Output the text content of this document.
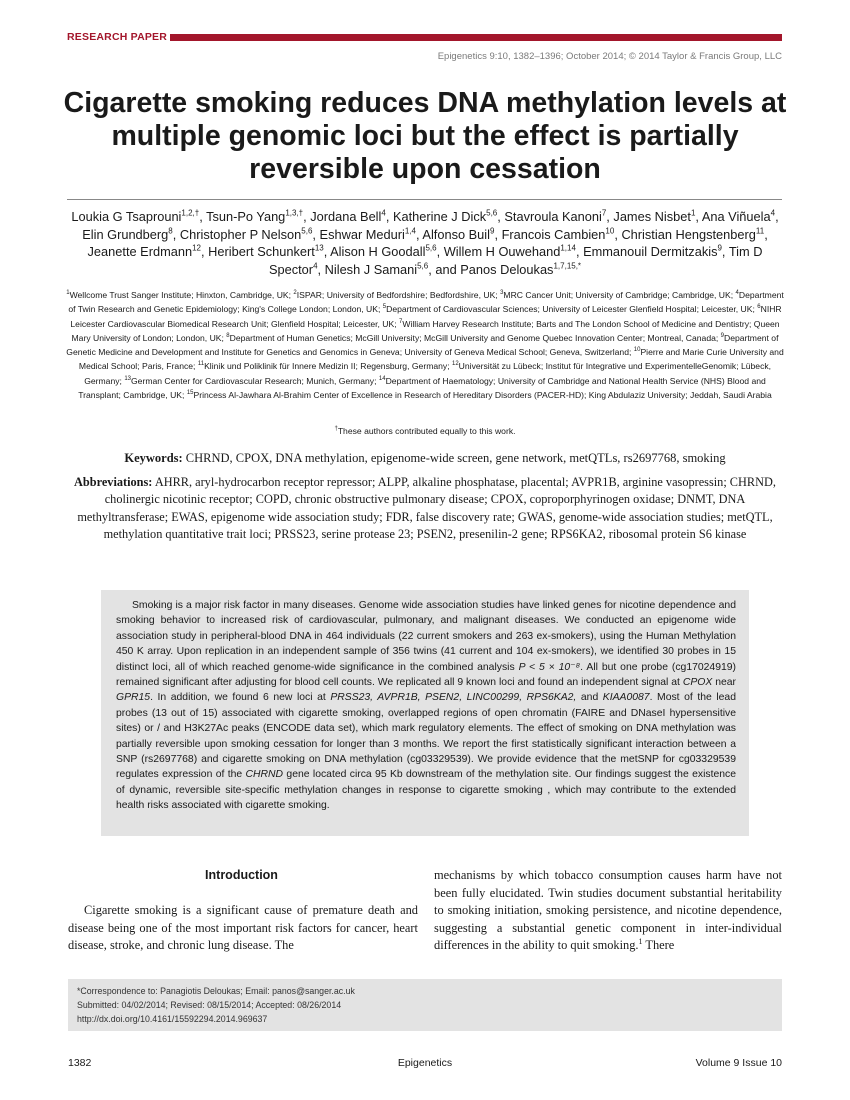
RESEARCH PAPER
Epigenetics 9:10, 1382–1396; October 2014; © 2014 Taylor & Francis Group, LLC
Cigarette smoking reduces DNA methylation levels at multiple genomic loci but the effect is partially reversible upon cessation
Loukia G Tsaprouni$^{1,2,\dagger}$, Tsun-Po Yang$^{1,3,\dagger}$, Jordana Bell$^4$, Katherine J Dick$^{5,6}$, Stavroula Kanoni$^7$, James Nisbet$^1$, Ana Viñuela$^4$, Elin Grundberg$^8$, Christopher P Nelson$^{5,6}$, Eshwar Meduri$^{1,4}$, Alfonso Buil$^9$, Francois Cambien$^{10}$, Christian Hengstenberg$^{11}$, Jeanette Erdmann$^{12}$, Heribert Schunkert$^{13}$, Alison H Goodall$^{5,6}$, Willem H Ouwehand$^{1,14}$, Emmanouil Dermitzakis$^9$, Tim D Spector$^4$, Nilesh J Samani$^{5,6}$, and Panos Deloukas$^{1,7,15,*}$
$^1$Wellcome Trust Sanger Institute; Hinxton, Cambridge, UK; $^2$ISPAR; University of Bedfordshire; Bedfordshire, UK; $^3$MRC Cancer Unit; University of Cambridge; Cambridge, UK; $^4$Department of Twin Research and Genetic Epidemiology; King's College London; London, UK; $^5$Department of Cardiovascular Sciences; University of Leicester Glenfield Hospital; Leicester, UK; $^6$NIHR Leicester Cardiovascular Biomedical Research Unit; Glenfield Hospital; Leicester, UK; $^7$William Harvey Research Institute; Barts and The London School of Medicine and Dentistry; Queen Mary University of London; London, UK; $^8$Department of Human Genetics; McGill University; McGill University and Genome Quebec Innovation Center; Montreal, Canada; $^9$Department of Genetic Medicine and Development and Institute for Genetics and Genomics in Geneva; University of Geneva Medical School; Geneva, Switzerland; $^{10}$Pierre and Marie Curie University and Medical School; Paris, France; $^{11}$Klinik und Poliklinik für Innere Medizin II; Regensburg, Germany; $^{12}$Universität zu Lübeck; Institut für Integrative und ExperimentelleGenomik; Lübeck, Germany; $^{13}$German Center for Cardiovascular Research; Munich, Germany; $^{14}$Department of Haematology; University of Cambridge and National Health Service (NHS) Blood and Transplant; Cambridge, UK; $^{15}$Princess Al-Jawhara Al-Brahim Center of Excellence in Research of Hereditary Disorders (PACER-HD); King Abdulaziz University; Jeddah, Saudi Arabia
†These authors contributed equally to this work.
Keywords: CHRND, CPOX, DNA methylation, epigenome-wide screen, gene network, metQTLs, rs2697768, smoking
Abbreviations: AHRR, aryl-hydrocarbon receptor repressor; ALPP, alkaline phosphatase, placental; AVPR1B, arginine vasopressin; CHRND, cholinergic nicotinic receptor; COPD, chronic obstructive pulmonary disease; CPOX, coproporphyrinogen oxidase; DNMT, DNA methyltransferase; EWAS, epigenome wide association study; FDR, false discovery rate; GWAS, genome-wide association studies; metQTL, methylation quantitative trait loci; PRSS23, serine protease 23; PSEN2, presenilin-2 gene; RPS6KA2, ribosomal protein S6 kinase
Smoking is a major risk factor in many diseases. Genome wide association studies have linked genes for nicotine dependence and smoking behavior to increased risk of cardiovascular, pulmonary, and malignant diseases. We conducted an epigenome wide association study in peripheral-blood DNA in 464 individuals (22 current smokers and 263 ex-smokers), using the Human Methylation 450 K array. Upon replication in an independent sample of 356 twins (41 current and 104 ex-smokers), we identified 30 probes in 15 distinct loci, all of which reached genome-wide significance in the combined analysis P < 5 × 10⁻⁸. All but one probe (cg17024919) remained significant after adjusting for blood cell counts. We replicated all 9 known loci and found an independent signal at CPOX near GPR15. In addition, we found 6 new loci at PRSS23, AVPR1B, PSEN2, LINC00299, RPS6KA2, and KIAA0087. Most of the lead probes (13 out of 15) associated with cigarette smoking, overlapped regions of open chromatin (FAIRE and DNaseI hypersensitive sites) or / and H3K27Ac peaks (ENCODE data set), which mark regulatory elements. The effect of smoking on DNA methylation was partially reversible upon smoking cessation for longer than 3 months. We report the first statistically significant interaction between a SNP (rs2697768) and cigarette smoking on DNA methylation (cg03329539). We provide evidence that the metSNP for cg03329539 regulates expression of the CHRND gene located circa 95 Kb downstream of the methylation site. Our findings suggest the existence of dynamic, reversible site-specific methylation changes in response to cigarette smoking , which may contribute to the extended health risks associated with cigarette smoking.
Introduction
Cigarette smoking is a significant cause of premature death and disease being one of the most important risk factors for cancer, heart disease, stroke, and chronic lung disease. The
mechanisms by which tobacco consumption causes harm have not been fully elucidated. Twin studies document substantial heritability to smoking initiation, smoking persistence, and nicotine dependence, suggesting a substantial genetic component in inter-individual differences in the ability to quit smoking.$^1$ There
*Correspondence to: Panagiotis Deloukas; Email: panos@sanger.ac.uk
Submitted: 04/02/2014; Revised: 08/15/2014; Accepted: 08/26/2014
http://dx.doi.org/10.4161/15592294.2014.969637
1382	Epigenetics	Volume 9 Issue 10
